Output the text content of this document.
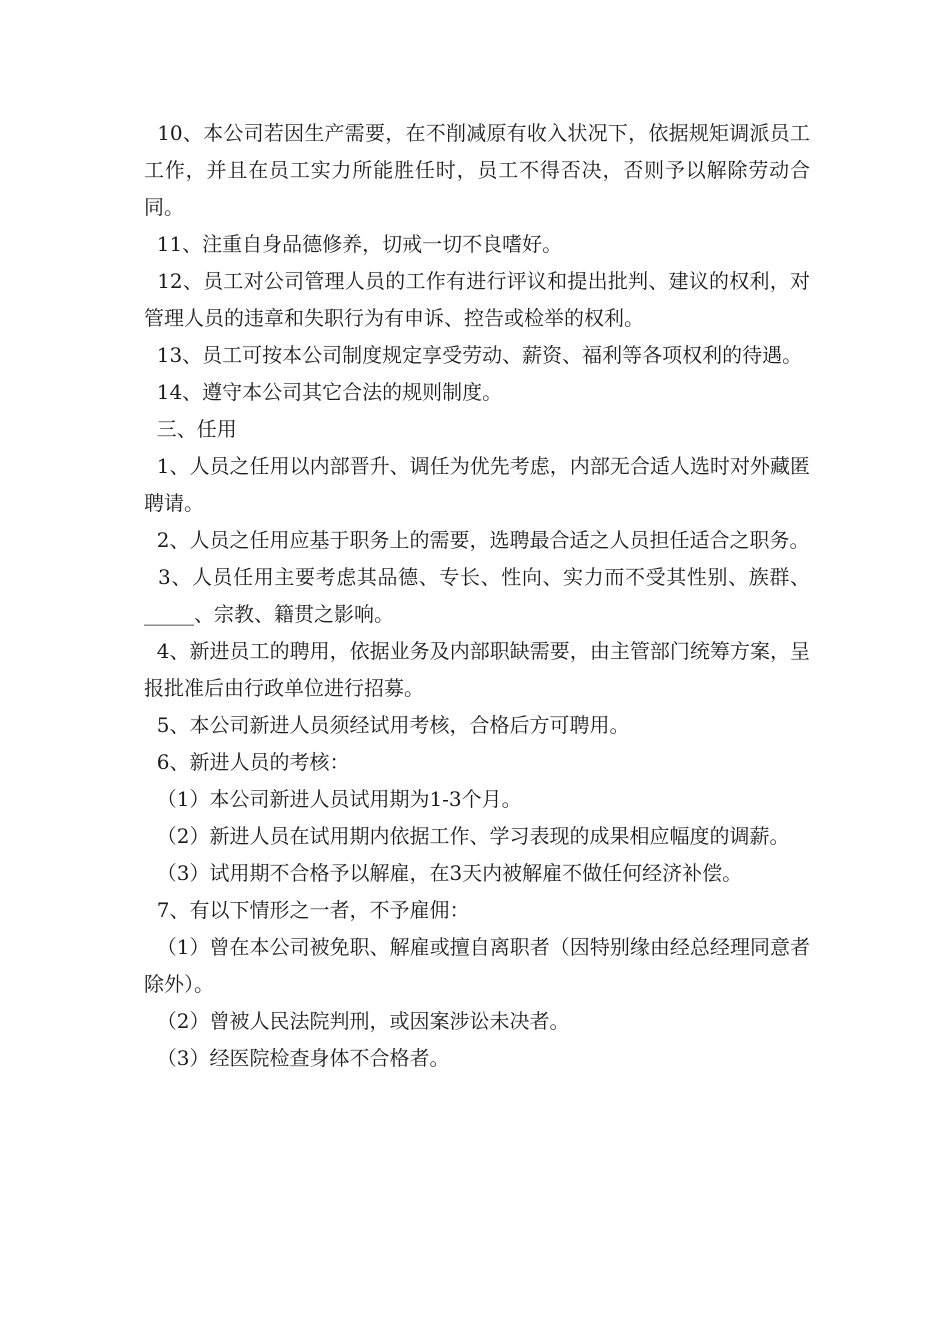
10、本公司若因生产需要，在不削减原有收入状况下，依据规矩调派员工工作，并且在员工实力所能胜任时，员工不得否决，否则予以解除劳动合同。

11、注重自身品德修养，切戒一切不良嗜好。

12、员工对公司管理人员的工作有进行评议和提出批判、建议的权利，对管理人员的违章和失职行为有申诉、控告或检举的权利。

13、员工可按本公司制度规定享受劳动、薪资、福利等各项权利的待遇。

14、遵守本公司其它合法的规则制度。

三、任用

1、人员之任用以内部晋升、调任为优先考虑，内部无合适人选时对外藏匿聘请。

2、人员之任用应基于职务上的需要，选聘最合适之人员担任适合之职务。

3、人员任用主要考虑其品德、专长、性向、实力而不受其性别、族群、_____、宗教、籍贯之影响。

4、新进员工的聘用，依据业务及内部职缺需要，由主管部门统筹方案，呈报批准后由行政单位进行招募。

5、本公司新进人员须经试用考核，合格后方可聘用。

6、新进人员的考核：

（1）本公司新进人员试用期为1-3个月。

（2）新进人员在试用期内依据工作、学习表现的成果相应幅度的调薪。

（3）试用期不合格予以解雇，在3天内被解雇不做任何经济补偿。

7、有以下情形之一者，不予雇佣：

（1）曾在本公司被免职、解雇或擅自离职者（因特别缘由经总经理同意者除外）。

（2）曾被人民法院判刑，或因案涉讼未决者。

（3）经医院检查身体不合格者。
